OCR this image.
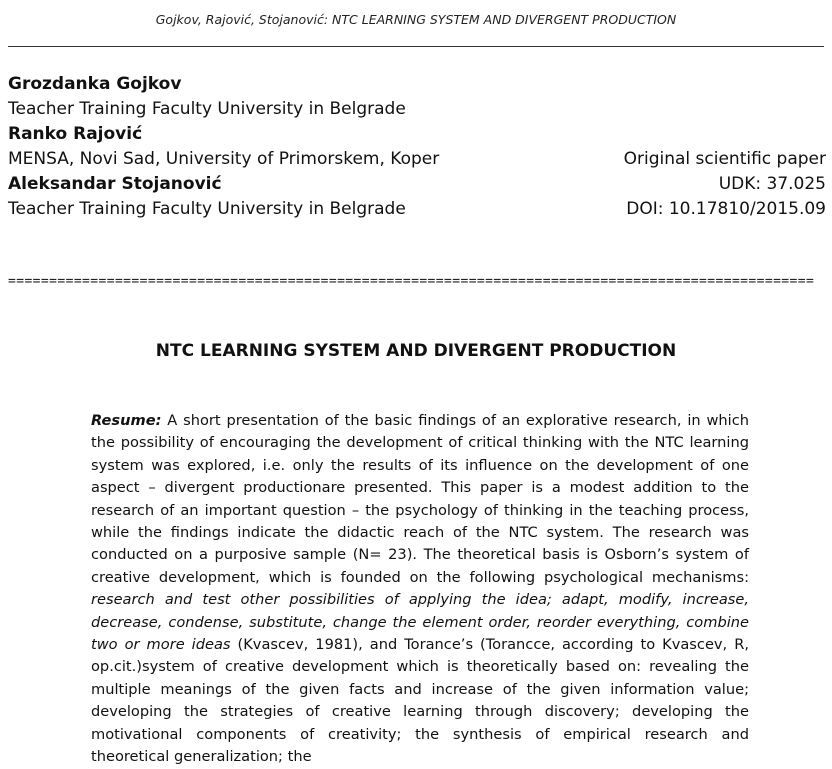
Gojkov, Rajović, Stojanović: NTC LEARNING SYSTEM AND DIVERGENT PRODUCTION
Grozdanka Gojkov
Teacher Training Faculty University in Belgrade
Ranko Rajović
MENSA, Novi Sad, University of Primorskem, Koper	Original scientific paper
Aleksandar Stojanović	UDK: 37.025
Teacher Training Faculty University in Belgrade	DOI: 10.17810/2015.09
==================================================================================================
NTC LEARNING SYSTEM AND DIVERGENT PRODUCTION
Resume: A short presentation of the basic findings of an explorative research, in which the possibility of encouraging the development of critical thinking with the NTC learning system was explored, i.e. only the results of its influence on the development of one aspect – divergent productionare presented. This paper is a modest addition to the research of an important question – the psychology of thinking in the teaching process, while the findings indicate the didactic reach of the NTC system. The research was conducted on a purposive sample (N= 23). The theoretical basis is Osborn’s system of creative development, which is founded on the following psychological mechanisms: research and test other possibilities of applying the idea; adapt, modify, increase, decrease, condense, substitute, change the element order, reorder everything, combine two or more ideas (Kvascev, 1981), and Torance’s (Torancce, according to Kvascev, R, op.cit.)system of creative development which is theoretically based on: revealing the multiple meanings of the given facts and increase of the given information value; developing the strategies of creative learning through discovery; developing the motivational components of creativity; the synthesis of empirical research and theoretical generalization; the
